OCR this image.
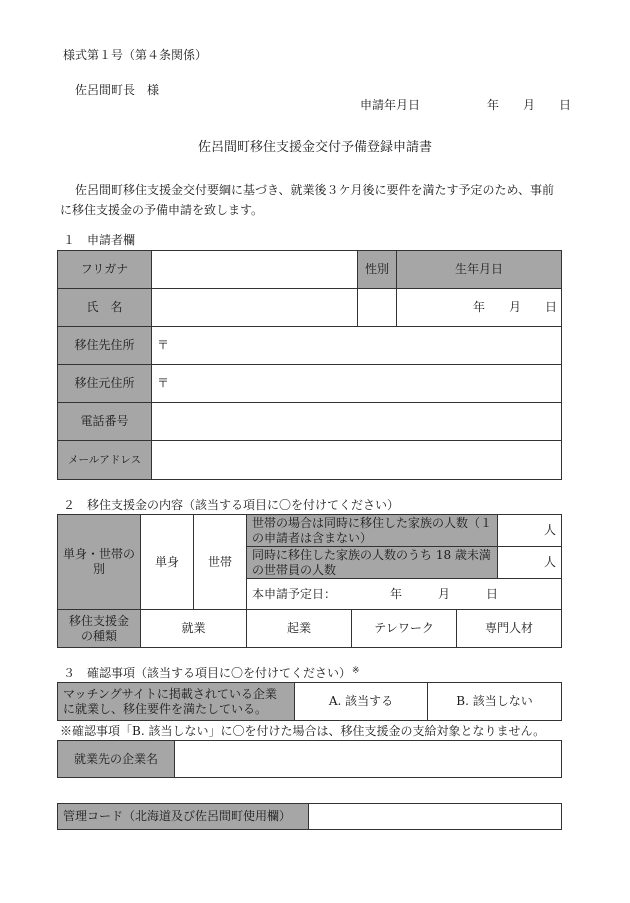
様式第１号（第４条関係）
佐呂間町長　様
申請年月日	年　　月　　日
佐呂間町移住支援金交付予備登録申請書
　佐呂間町移住支援金交付要綱に基づき、就業後３ケ月後に要件を満たす予定のため、事前
に移住支援金の予備申請を致します。
１　申請者欄
フリガナ		性別	生年月日
氏　名			年　　月　　日
移住先住所	〒		
移住元住所	〒		
電話番号			
メールアドレス			
２　移住支援金の内容（該当する項目に〇を付けてください）
単身・世帯の
別	単身	世帯	世帯の場合は同時に移住した家族の人数（１
の申請者は含まない）			人

			同時に移住した家族の人数のうち 18 歳未満
の世帯員の人数			人
			本申請予定日：　　　　　年　　　月　　　日			

移住支援金
の種類	就業		起業	テレワーク	専門人材	
３　確認事項（該当する項目に〇を付けてください）※
マッチングサイトに掲載されている企業
に就業し、移住要件を満たしている。
	A. 該当する	B. 該当しない
※確認事項「B. 該当しない」に〇を付けた場合は、移住支援金の支給対象となりません。
就業先の企業名	
管理コード（北海道及び佐呂間町使用欄）	
